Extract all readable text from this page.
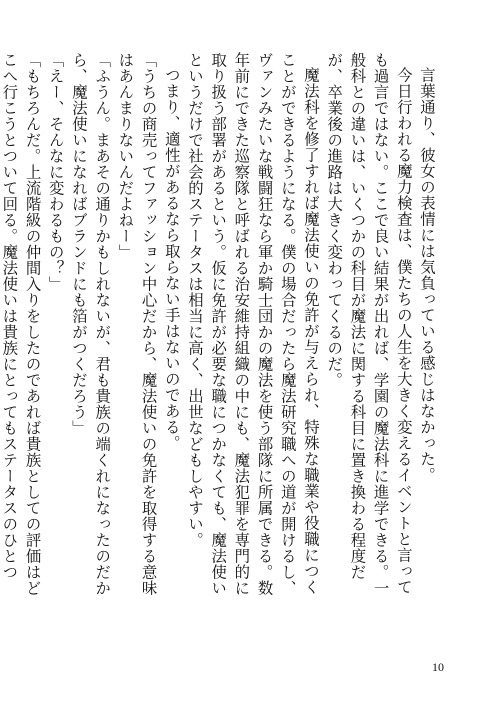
言葉通り、彼女の表情には気負っている感じはなかった。

今日行われる魔力検査は、僕たちの人生を大きく変えるイベントと言っても過言ではない。ここで良い結果が出れば、学園の魔法科に進学できる。一般科との違いは、いくつかの科目が魔法に関する科目に置き換わる程度だが、卒業後の進路は大きく変わってくるのだ。

魔法科を修了すれば魔法使いの免許が与えられ、特殊な職業や役職につくことができるようになる。僕の場合だったら魔法研究職への道が開けるし、ヴァンみたいな戦闘狂なら軍か騎士団かの魔法を使う部隊に所属できる。数年前にできた巡察隊と呼ばれる治安維持組織の中にも、魔法犯罪を専門的に取り扱う部署があるという。仮に免許が必要な職につかなくても、魔法使いというだけで社会的ステータスは相当に高く、出世などもしやすい。

つまり、適性があるなら取らない手はないのである。

「うちの商売ってファッション中心だから、魔法使いの免許を取得する意味はあんまりないんだよねー」

「ふうん。まあその通りかもしれないが、君も貴族の端くれになったのだから、魔法使いになればブランドにも箔がつくだろう」

「えー、そんなに変わるもの？」

「もちろんだ。上流階級の仲間入りをしたのであれば貴族としての評価はどこへ行こうとついて回る。魔法使いは貴族にとってもステータスのひとつ

10
